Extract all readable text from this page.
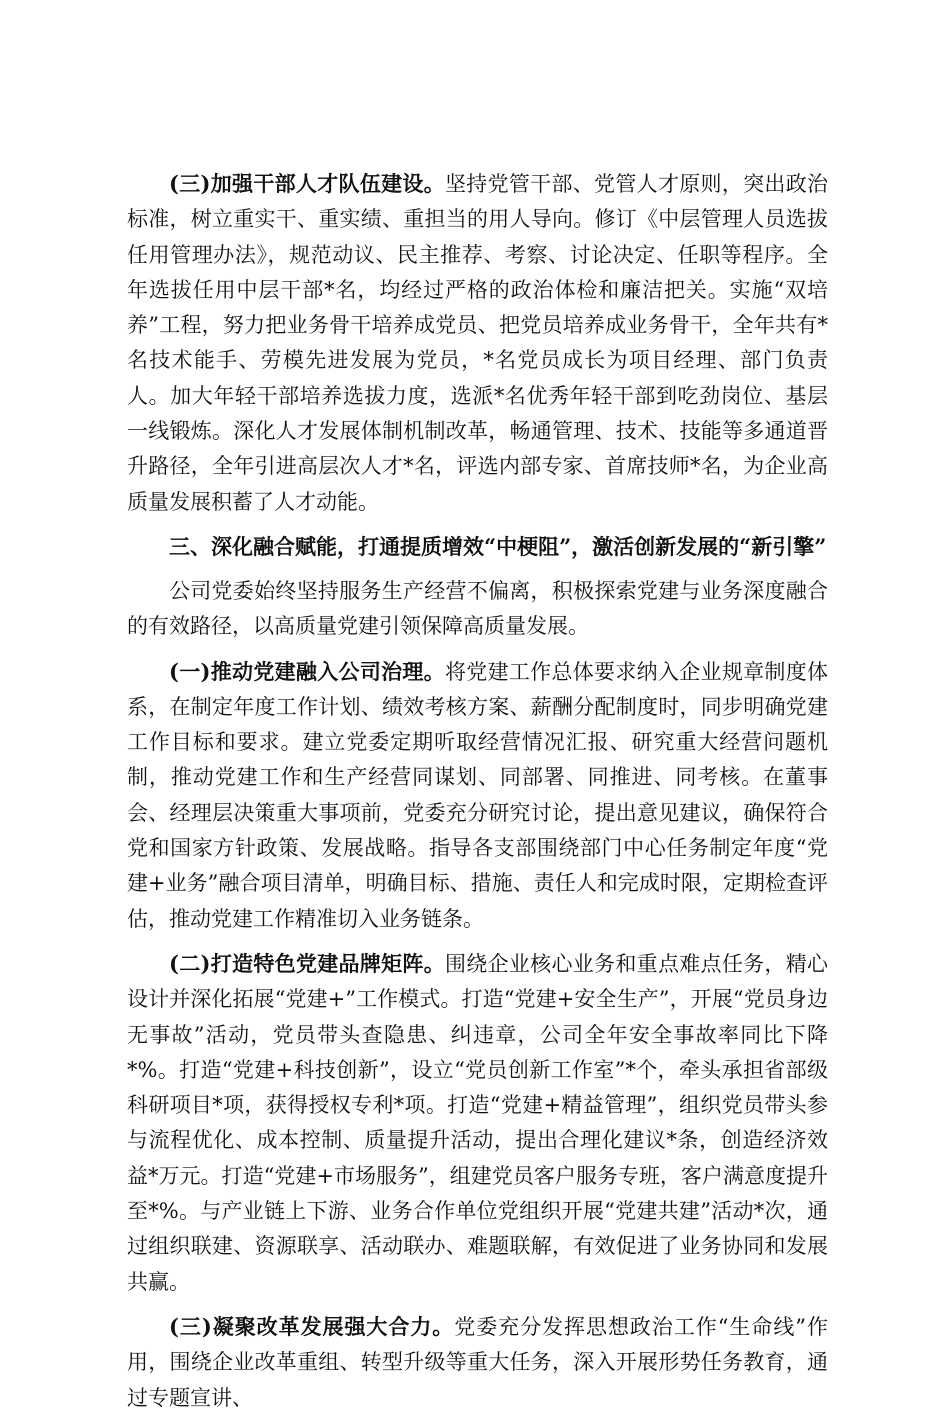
(三)加强干部人才队伍建设。坚持党管干部、党管人才原则，突出政治标准，树立重实干、重实绩、重担当的用人导向。修订《中层管理人员选拔任用管理办法》，规范动议、民主推荐、考察、讨论决定、任职等程序。全年选拔任用中层干部*名，均经过严格的政治体检和廉洁把关。实施“双培养”工程，努力把业务骨干培养成党员、把党员培养成业务骨干，全年共有*名技术能手、劳模先进发展为党员，*名党员成长为项目经理、部门负责人。加大年轻干部培养选拔力度，选派*名优秀年轻干部到吃劲岗位、基层一线锻炼。深化人才发展体制机制改革，畅通管理、技术、技能等多通道晋升路径，全年引进高层次人才*名，评选内部专家、首席技师*名，为企业高质量发展积蓄了人才动能。

三、深化融合赋能，打通提质增效“中梗阻”，激活创新发展的“新引擎”

公司党委始终坚持服务生产经营不偏离，积极探索党建与业务深度融合的有效路径，以高质量党建引领保障高质量发展。

(一)推动党建融入公司治理。将党建工作总体要求纳入企业规章制度体系，在制定年度工作计划、绩效考核方案、薪酬分配制度时，同步明确党建工作目标和要求。建立党委定期听取经营情况汇报、研究重大经营问题机制，推动党建工作和生产经营同谋划、同部署、同推进、同考核。在董事会、经理层决策重大事项前，党委充分研究讨论，提出意见建议，确保符合党和国家方针政策、发展战略。指导各支部围绕部门中心任务制定年度“党建+业务”融合项目清单，明确目标、措施、责任人和完成时限，定期检查评估，推动党建工作精准切入业务链条。

(二)打造特色党建品牌矩阵。围绕企业核心业务和重点难点任务，精心设计并深化拓展“党建+”工作模式。打造“党建+安全生产”，开展“党员身边无事故”活动，党员带头查隐患、纠违章，公司全年安全事故率同比下降*%。打造“党建+科技创新”，设立“党员创新工作室”*个，牵头承担省部级科研项目*项，获得授权专利*项。打造“党建+精益管理”，组织党员带头参与流程优化、成本控制、质量提升活动，提出合理化建议*条，创造经济效益*万元。打造“党建+市场服务”，组建党员客户服务专班，客户满意度提升至*%。与产业链上下游、业务合作单位党组织开展“党建共建”活动*次，通过组织联建、资源联享、活动联办、难题联解，有效促进了业务协同和发展共赢。

(三)凝聚改革发展强大合力。党委充分发挥思想政治工作“生命线”作用，围绕企业改革重组、转型升级等重大任务，深入开展形势任务教育，通过专题宣讲、
